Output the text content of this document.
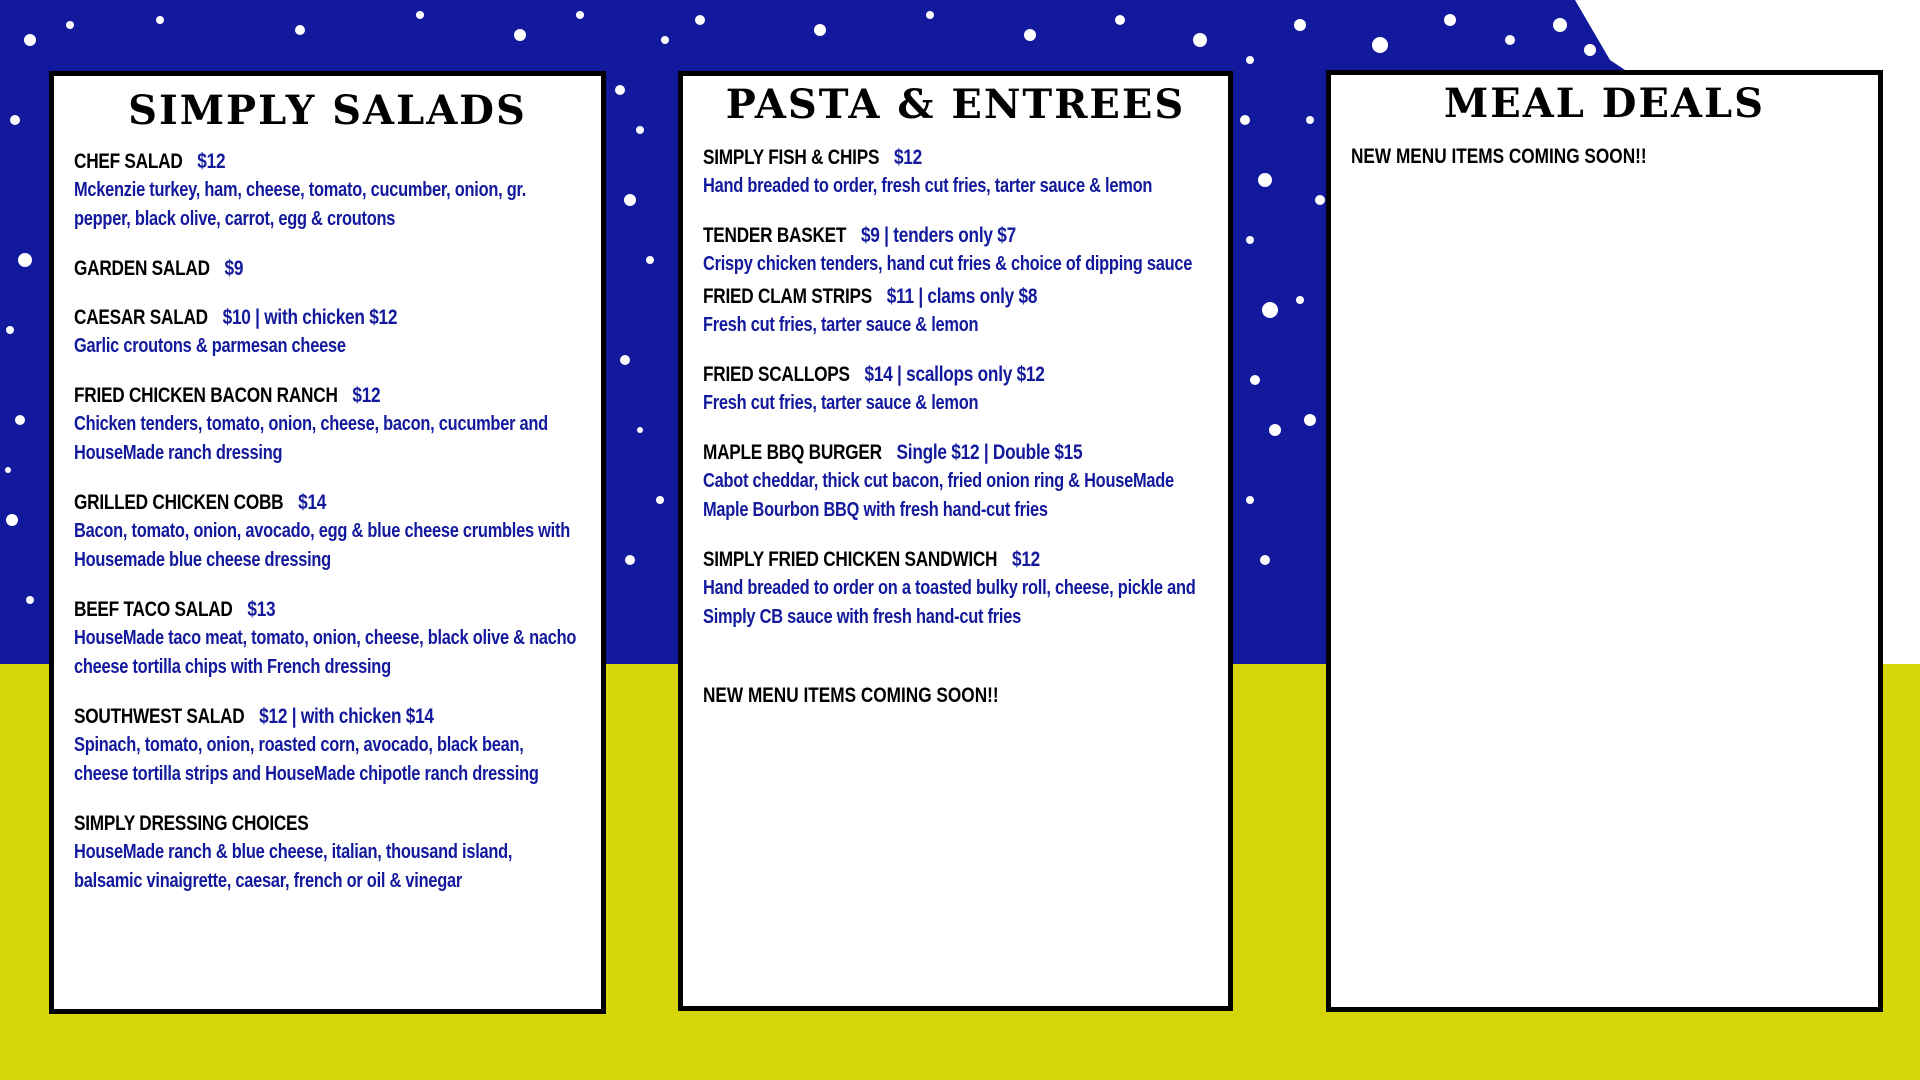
SIMPLY SALADS
CHEF SALAD $12
Mckenzie turkey, ham, cheese, tomato, cucumber, onion, gr. pepper, black olive, carrot, egg & croutons
GARDEN SALAD $9
CAESAR SALAD $10 | with chicken $12
Garlic croutons & parmesan cheese
FRIED CHICKEN BACON RANCH $12
Chicken tenders, tomato, onion, cheese, bacon, cucumber and HouseMade ranch dressing
GRILLED CHICKEN COBB $14
Bacon, tomato, onion, avocado, egg & blue cheese crumbles with Housemade blue cheese dressing
BEEF TACO SALAD $13
HouseMade taco meat, tomato, onion, cheese, black olive & nacho cheese tortilla chips with French dressing
SOUTHWEST SALAD $12 | with chicken $14
Spinach, tomato, onion, roasted corn, avocado, black bean, cheese tortilla strips and HouseMade chipotle ranch dressing
SIMPLY DRESSING CHOICES
HouseMade ranch & blue cheese, italian, thousand island, balsamic vinaigrette, caesar, french or oil & vinegar
PASTA & ENTREES
SIMPLY FISH & CHIPS $12
Hand breaded to order, fresh cut fries, tarter sauce & lemon
TENDER BASKET $9 | tenders only $7
Crispy chicken tenders, hand cut fries & choice of dipping sauce
FRIED CLAM STRIPS $11 | clams only $8
Fresh cut fries, tarter sauce & lemon
FRIED SCALLOPS $14 | scallops only $12
Fresh cut fries, tarter sauce & lemon
MAPLE BBQ BURGER Single $12 | Double $15
Cabot cheddar, thick cut bacon, fried onion ring & HouseMade Maple Bourbon BBQ with fresh hand-cut fries
SIMPLY FRIED CHICKEN SANDWICH $12
Hand breaded to order on a toasted bulky roll, cheese, pickle and Simply CB sauce with fresh hand-cut fries
NEW MENU ITEMS COMING SOON!!
MEAL DEALS
NEW MENU ITEMS COMING SOON!!
